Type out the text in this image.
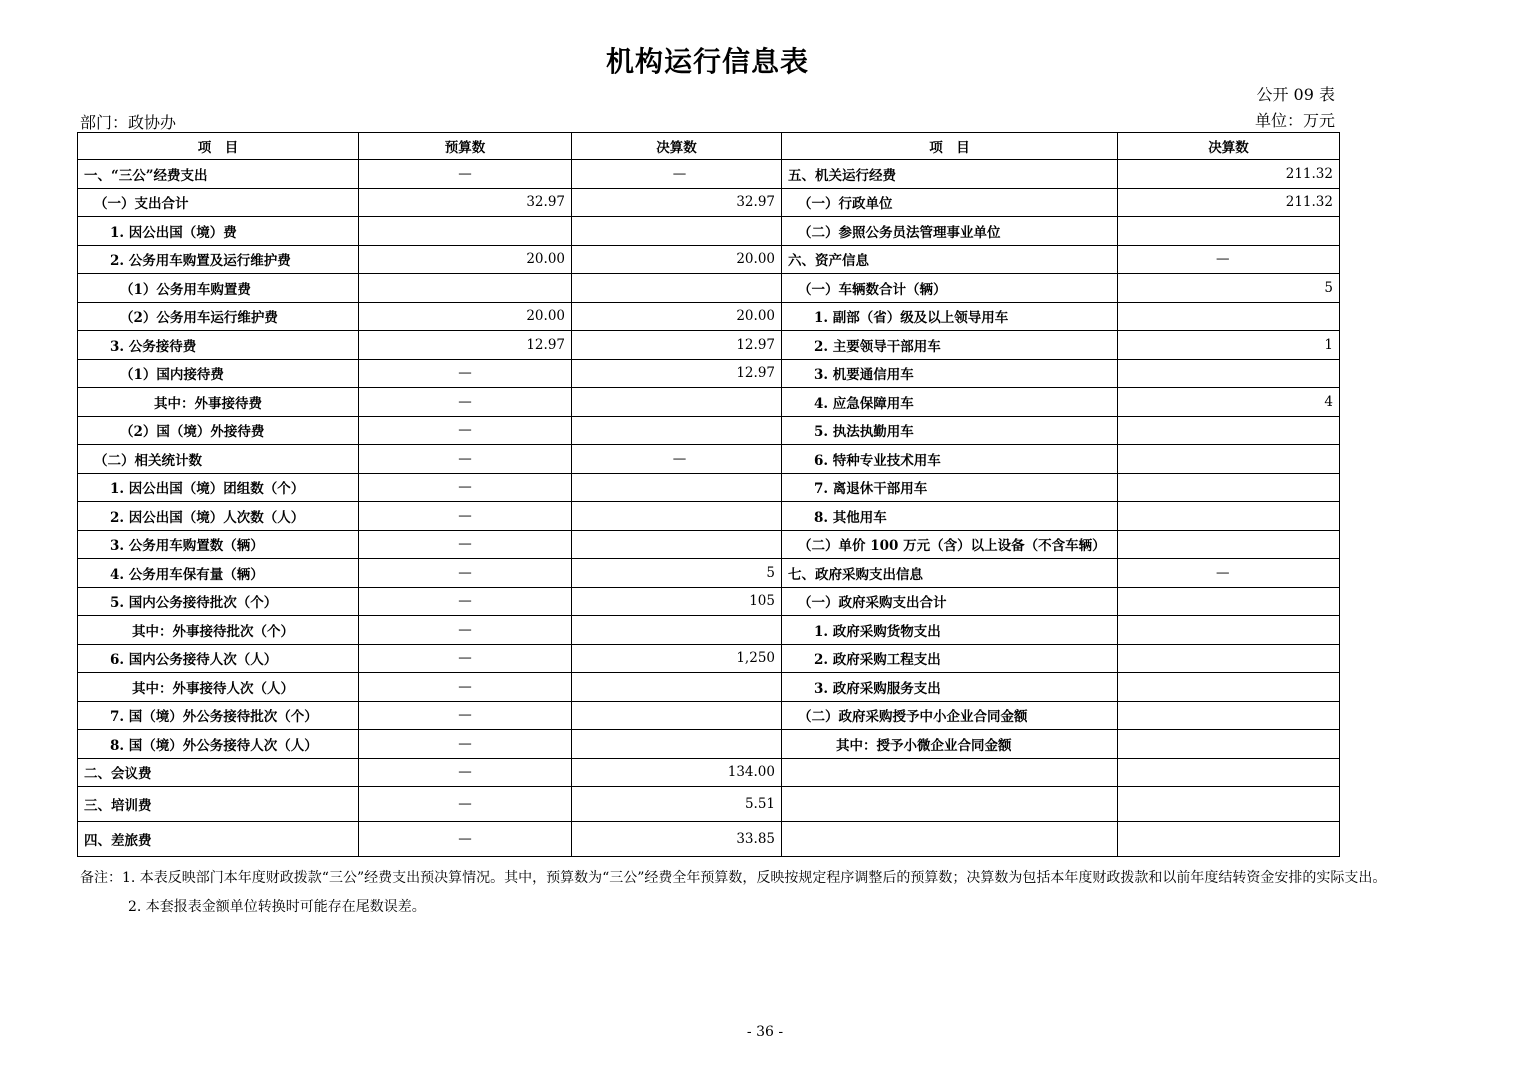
机构运行信息表
公开 09 表
部门：政协办	单位：万元
项　目	预算数	决算数	项　目	决算数
一、“三公”经费支出	—	—	五、机关运行经费	211.32
（一）支出合计	32.97	32.97	（一）行政单位	211.32
1. 因公出国（境）费			（二）参照公务员法管理事业单位	
2. 公务用车购置及运行维护费	20.00	20.00	六、资产信息	—
（1）公务用车购置费			（一）车辆数合计（辆）	5
（2）公务用车运行维护费	20.00	20.00	1. 副部（省）级及以上领导用车	
3. 公务接待费	12.97	12.97	2. 主要领导干部用车	1
（1）国内接待费	—	12.97	3. 机要通信用车	
其中：外事接待费	—		4. 应急保障用车	4
（2）国（境）外接待费	—		5. 执法执勤用车	
（二）相关统计数	—	—	6. 特种专业技术用车	
1. 因公出国（境）团组数（个）	—		7. 离退休干部用车	
2. 因公出国（境）人次数（人）	—		8. 其他用车	
3. 公务用车购置数（辆）	—		（二）单价 100 万元（含）以上设备（不含车辆）	
4. 公务用车保有量（辆）	—	5	七、政府采购支出信息	—
5. 国内公务接待批次（个）	—	105	（一）政府采购支出合计	
其中：外事接待批次（个）	—		1. 政府采购货物支出	
6. 国内公务接待人次（人）	—	1,250	2. 政府采购工程支出	
其中：外事接待人次（人）	—		3. 政府采购服务支出	
7. 国（境）外公务接待批次（个）	—		（二）政府采购授予中小企业合同金额	
8. 国（境）外公务接待人次（人）	—		其中：授予小微企业合同金额	
二、会议费	—	134.00		
三、培训费	—	5.51		
四、差旅费	—	33.85		
备注：1. 本表反映部门本年度财政拨款“三公”经费支出预决算情况。其中，预算数为“三公”经费全年预算数，反映按规定程序调整后的预算数；决算数为包括本年度财政拨款和以前年度结转资金安排的实际支出。
2. 本套报表金额单位转换时可能存在尾数误差。
- 36 -
